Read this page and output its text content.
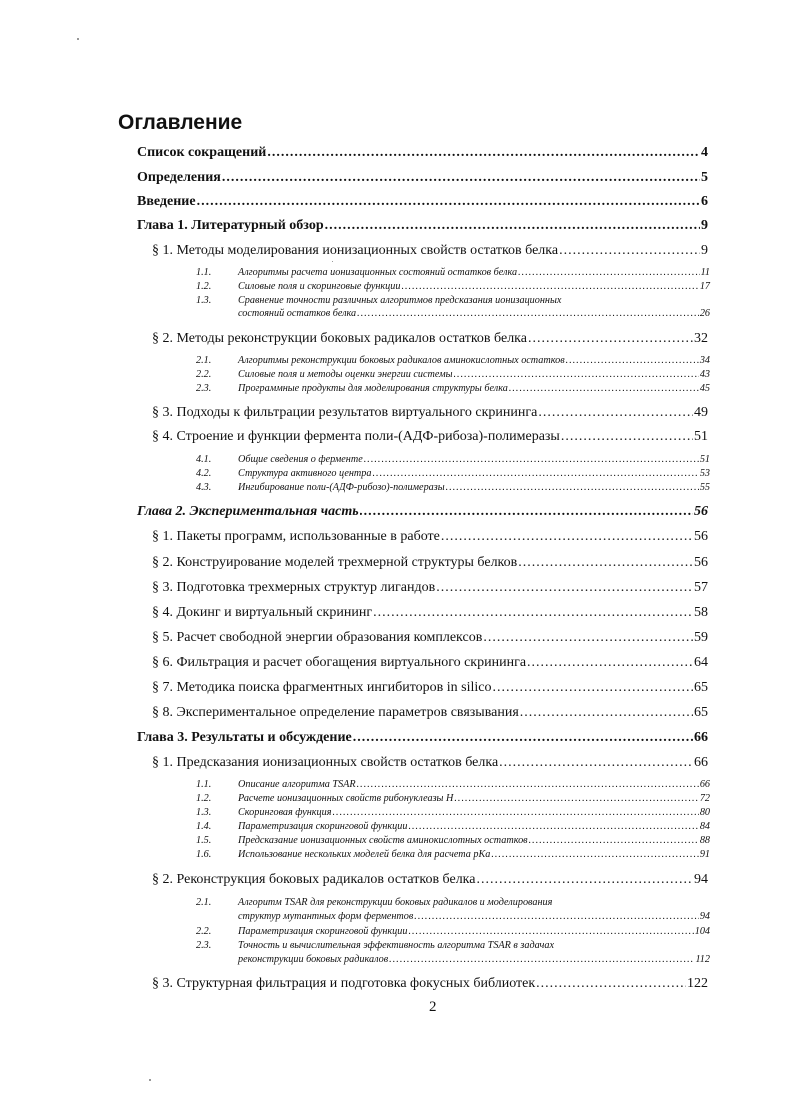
Оглавление
Список сокращений .....	4
Определения .....	5
Введение .....	6
Глава 1. Литературный обзор .....	9
§ 1. Методы моделирования ионизационных свойств остатков белка .....	9
1.1.	Алгоритмы расчета ионизационных состояний остатков белка .....	11
1.2.	Силовые поля и скоринговые функции .....	17
1.3.	Сравнение точности различных алгоритмов предсказания ионизационных
состояний остатков белка .....	26
§ 2. Методы реконструкции боковых радикалов остатков белка .....	32
2.1.	Алгоритмы реконструкции боковых радикалов аминокислотных остатков .....	34
2.2.	Силовые поля и методы оценки энергии системы .....	43
2.3.	Программные продукты для моделирования структуры белка .....	45
§ 3. Подходы к фильтрации результатов виртуального скрининга .....	49
§ 4. Строение и функции фермента поли-(АДФ-рибоза)-полимеразы .....	51
4.1.	Общие сведения о ферменте .....	51
4.2.	Структура активного центра .....	53
4.3.	Ингибирование поли-(АДФ-рибозо)-полимеразы .....	55
Глава 2. Экспериментальная часть .....	56
§ 1. Пакеты программ, использованные в работе .....	56
§ 2. Конструирование моделей трехмерной структуры белков .....	56
§ 3. Подготовка трехмерных структур лигандов .....	57
§ 4. Докинг и виртуальный скрининг .....	58
§ 5. Расчет свободной энергии образования комплексов .....	59
§ 6. Фильтрация и расчет обогащения виртуального скрининга .....	64
§ 7. Методика поиска фрагментных ингибиторов in silico .....	65
§ 8. Экспериментальное определение параметров связывания .....	65
Глава 3. Результаты и обсуждение .....	66
§ 1. Предсказания ионизационных свойств остатков белка .....	66
1.1.	Описание алгоритма TSAR .....	66
1.2.	Расчете ионизационных свойств рибонуклеазы Н .....	72
1.3.	Скоринговая функция .....	80
1.4.	Параметризация скоринговой функции .....	84
1.5.	Предсказание ионизационных свойств аминокислотных остатков .....	88
1.6.	Использование нескольких моделей белка для расчета pKa .....	91
§ 2. Реконструкция боковых радикалов остатков белка .....	94
2.1.	Алгоритм TSAR для реконструкции боковых радикалов и моделирования
структур мутантных форм ферментов .....	94
2.2.	Параметризация скоринговой функции .....	104
2.3.	Точность и вычислительная эффективность алгоритма TSAR в задачах
реконструкции боковых радикалов .....	112
§ 3. Структурная фильтрация и подготовка фокусных библиотек .....	122
2
